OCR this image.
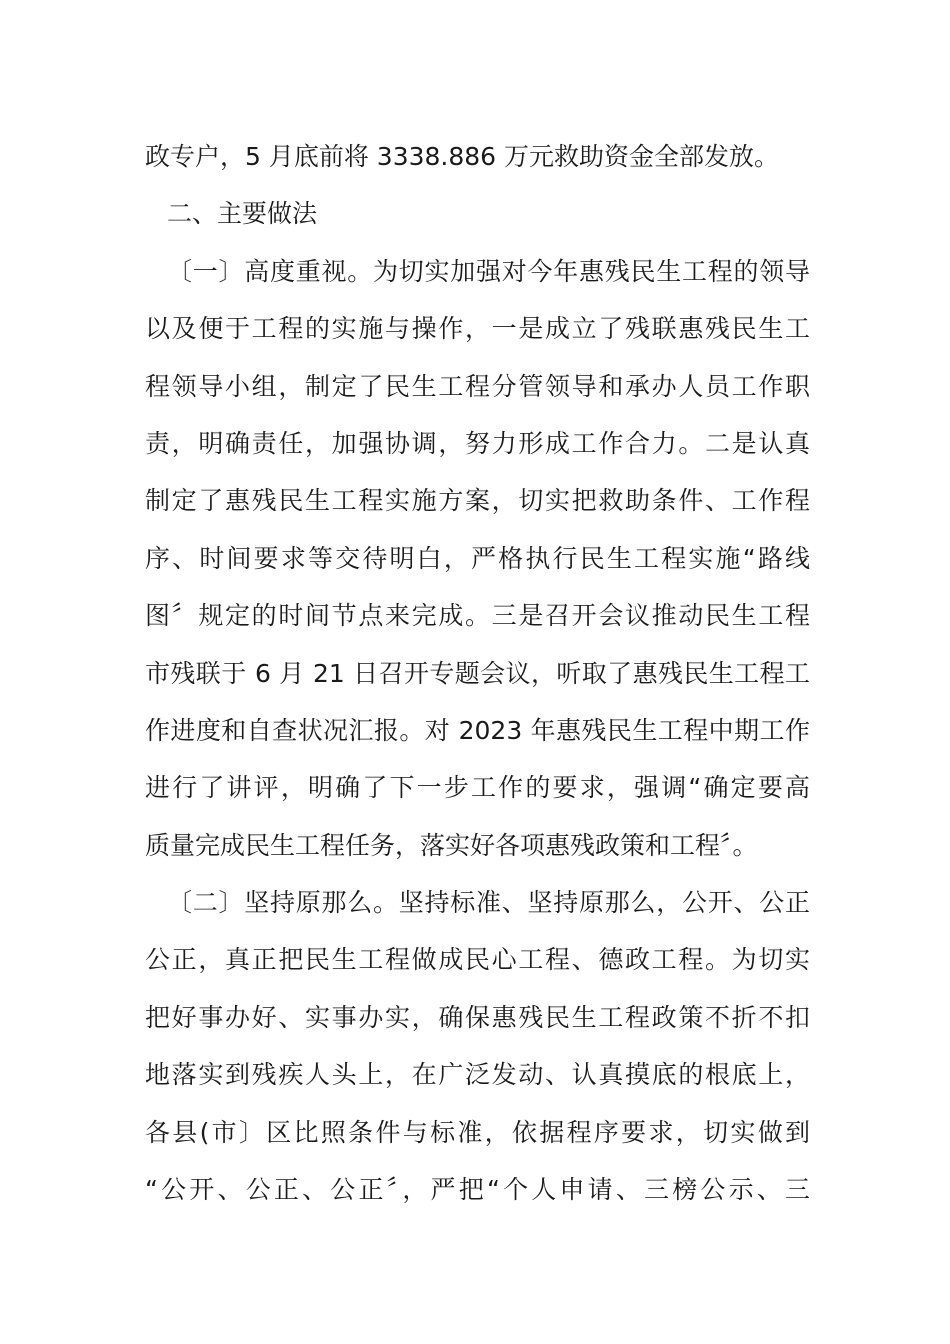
政专户，5 月底前将 3338.886 万元救助资金全部发放。
二、主要做法
〔一〕高度重视。为切实加强对今年惠残民生工程的领导
以及便于工程的实施与操作，一是成立了残联惠残民生工
程领导小组，制定了民生工程分管领导和承办人员工作职
责，明确责任，加强协调，努力形成工作合力。二是认真
制定了惠残民生工程实施方案，切实把救助条件、工作程
序、时间要求等交待明白，严格执行民生工程实施“路线
图〞规定的时间节点来完成。三是召开会议推动民生工程
市残联于 6 月 21 日召开专题会议，听取了惠残民生工程工
作进度和自查状况汇报。对 2023 年惠残民生工程中期工作
进行了讲评，明确了下一步工作的要求，强调“确定要高
质量完成民生工程任务，落实好各项惠残政策和工程〞。
〔二〕坚持原那么。坚持标准、坚持原那么，公开、公正
公正，真正把民生工程做成民心工程、德政工程。为切实
把好事办好、实事办实，确保惠残民生工程政策不折不扣
地落实到残疾人头上，在广泛发动、认真摸底的根底上，
各县(市〕区比照条件与标准，依据程序要求，切实做到
“公开、公正、公正〞，严把“个人申请、三榜公示、三
